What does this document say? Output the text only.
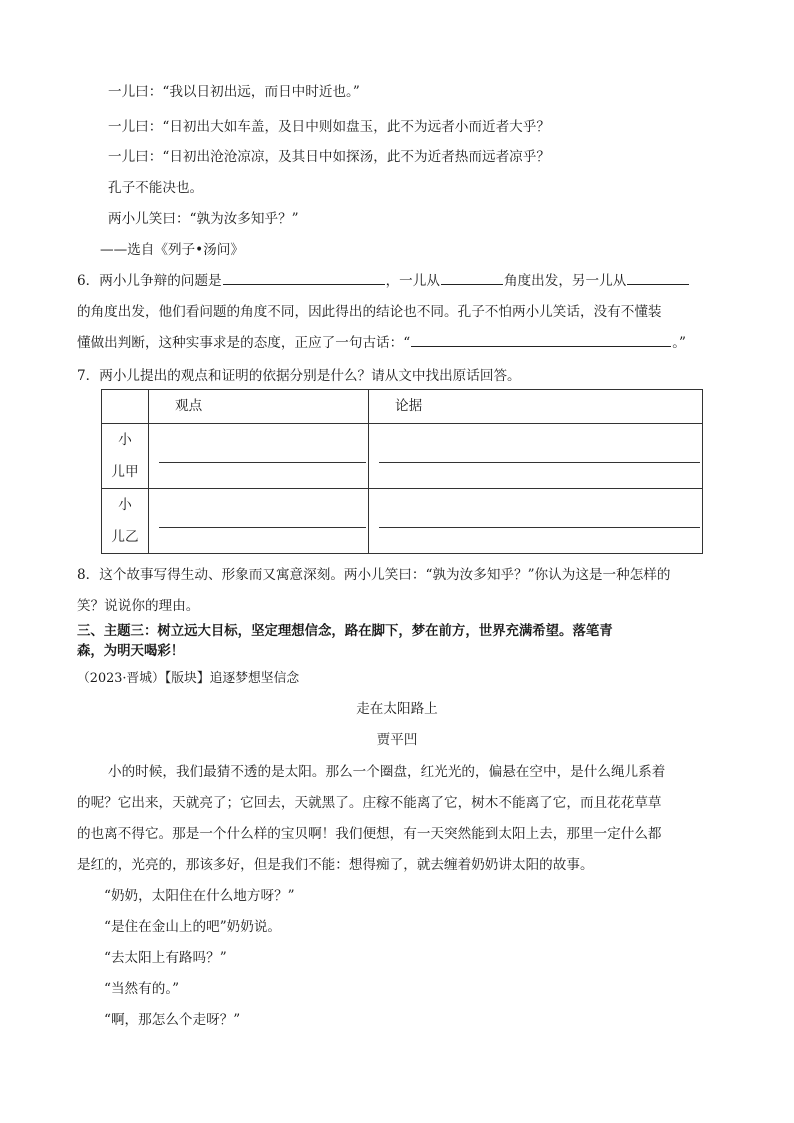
一儿曰：“我以日初出远，而日中时近也。”
一儿曰：“日初出大如车盖，及日中则如盘玉，此不为远者小而近者大乎？
一儿曰：“日初出沧沧凉凉，及其日中如探汤，此不为近者热而远者凉乎？
孔子不能决也。
两小儿笑曰：“孰为汝多知乎？”
——选自《列子•汤问》
6．两小儿争辩的问题是	，一儿从	角度出发，另一儿从
的角度出发，他们看问题的角度不同，因此得出的结论也不同。孔子不怕两小儿笑话，没有不懂装
懂做出判断，这种实事求是的态度，正应了一句古话：“	。”
7．两小儿提出的观点和证明的依据分别是什么？请从文中找出原话回答。
	观点	论据

小
儿甲		

小
儿乙		

8．这个故事写得生动、形象而又寓意深刻。两小儿笑曰：“孰为汝多知乎？”你认为这是一种怎样的
笑？说说你的理由。
三、主题三：树立远大目标，坚定理想信念，路在脚下，梦在前方，世界充满希望。落笔青
森，为明天喝彩！
（2023·晋城）【版块】追逐梦想坚信念
走在太阳路上
贾平凹
小的时候，我们最猜不透的是太阳。那么一个圈盘，红光光的，偏悬在空中，是什么绳儿系着
的呢？它出来，天就亮了；它回去，天就黑了。庄稼不能离了它，树木不能离了它，而且花花草草
的也离不得它。那是一个什么样的宝贝啊！我们便想，有一天突然能到太阳上去，那里一定什么都
是红的，光亮的，那该多好，但是我们不能：想得痴了，就去缠着奶奶讲太阳的故事。
“奶奶，太阳住在什么地方呀？”
“是住在金山上的吧”奶奶说。
“去太阳上有路吗？”
“当然有的。”
“啊，那怎么个走呀？”
